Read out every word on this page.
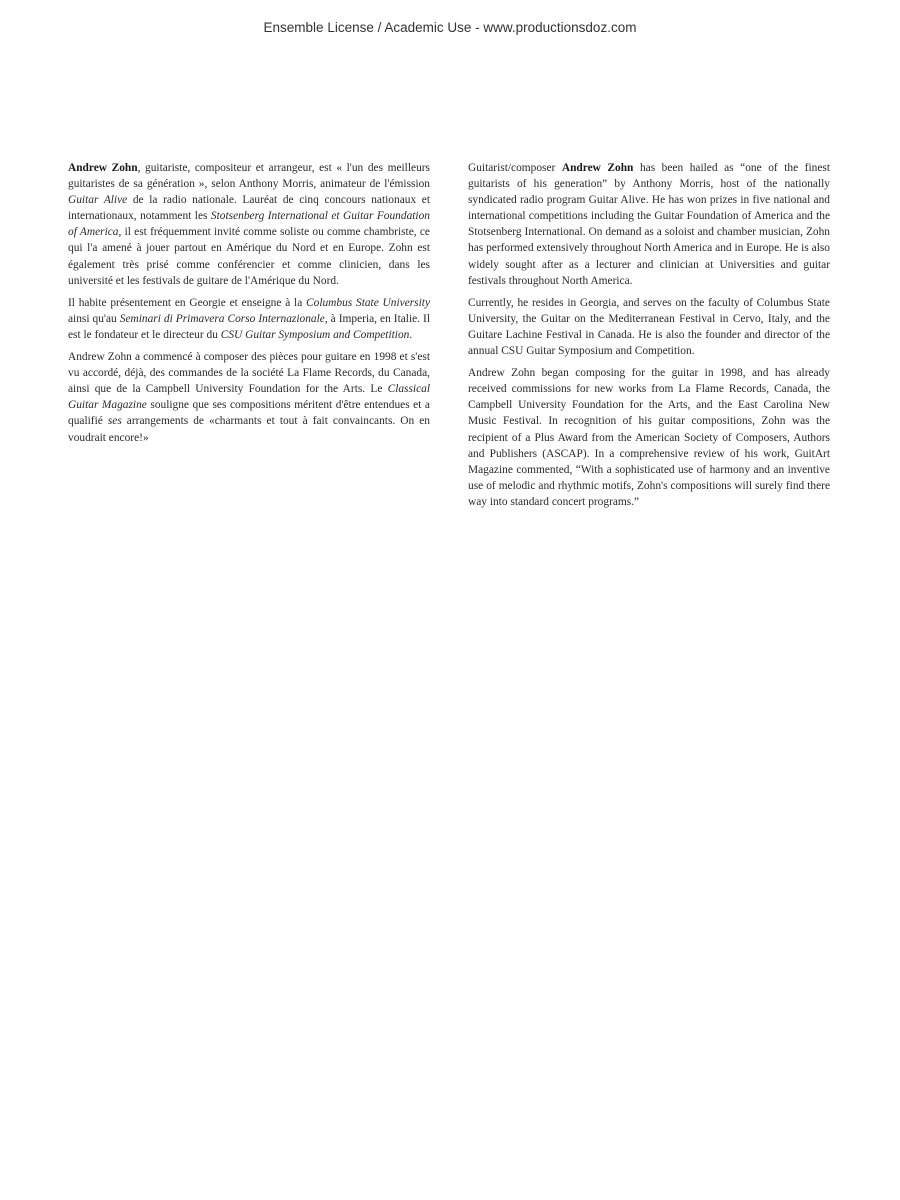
Ensemble License / Academic Use - www.productionsdoz.com

Andrew Zohn, guitariste, compositeur et arrangeur, est « l'un des meilleurs guitaristes de sa génération », selon Anthony Morris, animateur de l'émission Guitar Alive de la radio nationale. Lauréat de cinq concours nationaux et internationaux, notamment les Stotsenberg International et Guitar Foundation of America, il est fréquemment invité comme soliste ou comme chambriste, ce qui l'a amené à jouer partout en Amérique du Nord et en Europe. Zohn est également très prisé comme conférencier et comme clinicien, dans les université et les festivals de guitare de l'Amérique du Nord.

Il habite présentement en Georgie et enseigne à la Columbus State University ainsi qu'au Seminari di Primavera Corso Internazionale, à Imperia, en Italie. Il est le fondateur et le directeur du CSU Guitar Symposium and Competition.

Andrew Zohn a commencé à composer des pièces pour guitare en 1998 et s'est vu accordé, déjà, des commandes de la société La Flame Records, du Canada, ainsi que de la Campbell University Foundation for the Arts. Le Classical Guitar Magazine souligne que ses compositions méritent d'être entendues et a qualifié ses arrangements de «charmants et tout à fait convaincants. On en voudrait encore!»

Guitarist/composer Andrew Zohn has been hailed as “one of the finest guitarists of his generation” by Anthony Morris, host of the nationally syndicated radio program Guitar Alive. He has won prizes in five national and international competitions including the Guitar Foundation of America and the Stotsenberg International. On demand as a soloist and chamber musician, Zohn has performed extensively throughout North America and in Europe. He is also widely sought after as a lecturer and clinician at Universities and guitar festivals throughout North America.

Currently, he resides in Georgia, and serves on the faculty of Columbus State University, the Guitar on the Mediterranean Festival in Cervo, Italy, and the Guitare Lachine Festival in Canada. He is also the founder and director of the annual CSU Guitar Symposium and Competition.

Andrew Zohn began composing for the guitar in 1998, and has already received commissions for new works from La Flame Records, Canada, the Campbell University Foundation for the Arts, and the East Carolina New Music Festival. In recognition of his guitar compositions, Zohn was the recipient of a Plus Award from the American Society of Composers, Authors and Publishers (ASCAP). In a comprehensive review of his work, GuitArt Magazine commented, “With a sophisticated use of harmony and an inventive use of melodic and rhythmic motifs, Zohn's compositions will surely find there way into standard concert programs.”
